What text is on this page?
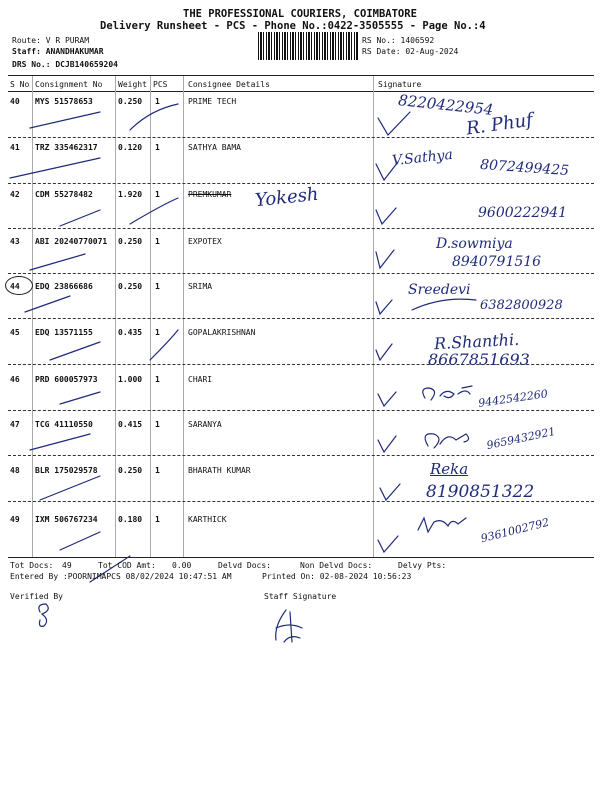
THE PROFESSIONAL COURIERS, COIMBATORE
Delivery Runsheet - PCS - Phone No.:0422-3505555 - Page No.:4
Route: V R PURAM
Staff: ANANDHAKUMAR
DRS No.: DCJB140659204
RS No.: 1406592
RS Date: 02-Aug-2024
S No Consignment No Weight PCS	Consignee Details	Signature
40 MYS 51578653	0.250 1	PRIME TECH
41 TRZ 335462317	0.120 1	SATHYA BAMA
42 CDM 55278482	1.920 1	PREMKUMAR
43 ABI 20240770071 0.250 1	EXPOTEX
44 EDQ 23866686	0.250 1	SRIMA
45 EDQ 13571155	0.435 1	GOPALAKRISHNAN
46 PRD 600057973	1.000 1	CHARI
47 TCG 41110550	0.415 1	SARANYA
48 BLR 175029578	0.250 1	BHARATH KUMAR
49 IXM 506767234	0.180 1	KARTHICK
8220422954
R. Phuf
V.Sathya 8072499425
Yokesh
9600222941
D.sowmiya
8940791516
Sreedevi
6382800928
R.Shanthi.
8667851693
9442542260
9659432921
Reka
8190851322
9361002792
Tot Docs: 49	Tot COD Amt: 0.00	Delvd Docs:	Non Delvd Docs:	Delvy Pts:
Entered By :POORNIMAPCS 08/02/2024 10:47:51 AM	Printed On: 02-08-2024 10:56:23
Verified By	Staff Signature
